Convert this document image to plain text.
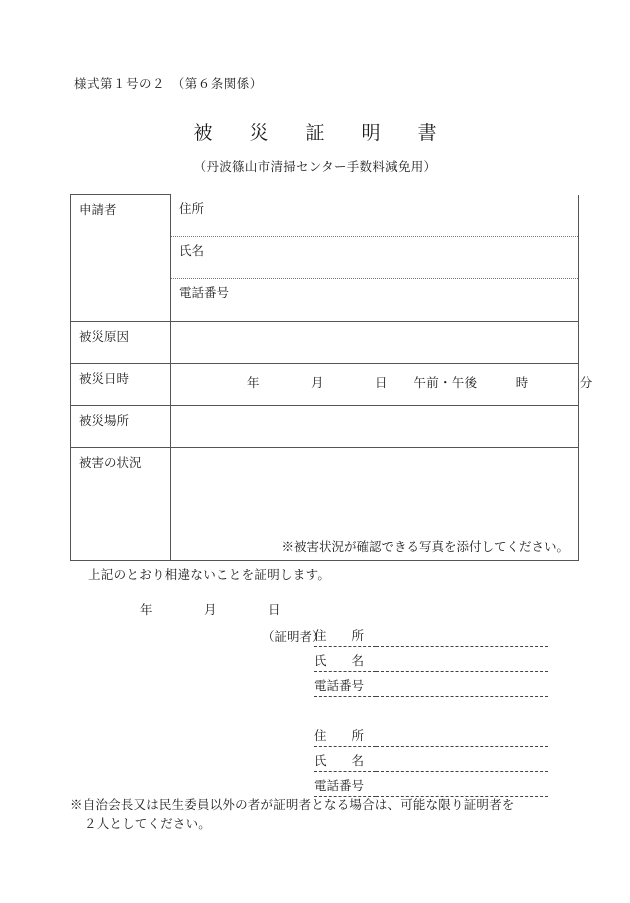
様式第１号の２　（第６条関係）
被　災　証　明　書
（丹波篠山市清掃センター手数料減免用）
申請者	住所
	氏名
	電話番号
被災原因	
被災日時	年　　　　月　　　　日　　午前・午後　　　時　　　　分

被災場所	
被害の状況	※被害状況が確認できる写真を添付してください。
上記のとおり相違ないことを証明します。
年　　　　月　　　　日
（証明者）
住　　所
氏　　名
電話番号
住　　所
氏　　名
電話番号
※自治会長又は民生委員以外の者が証明者となる場合は、可能な限り証明者を
２人としてください。
